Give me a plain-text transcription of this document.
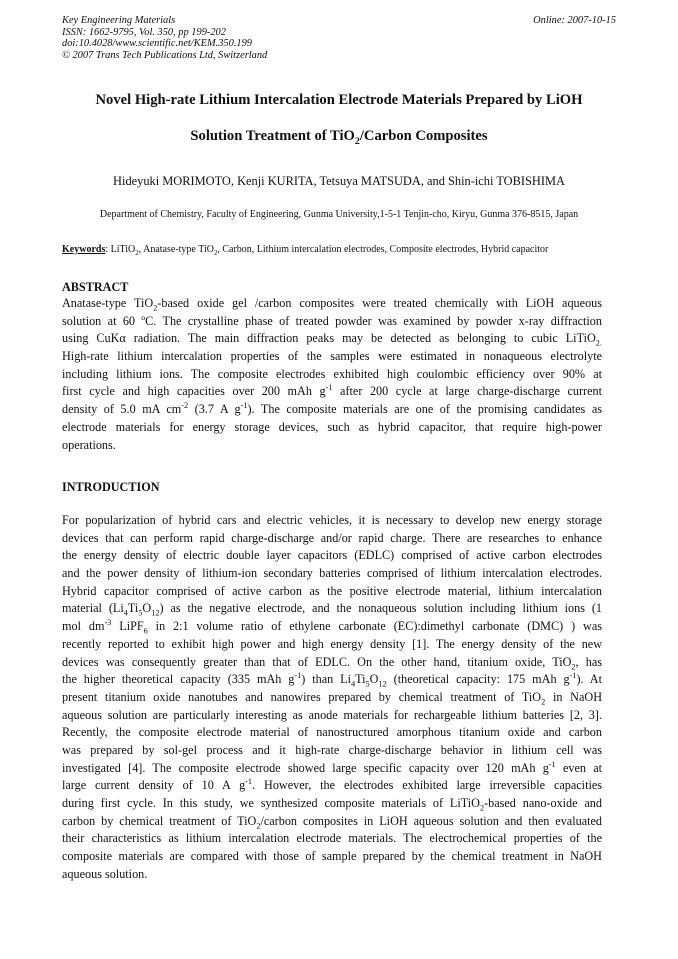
Key Engineering Materials
ISSN: 1662-9795, Vol. 350, pp 199-202
doi:10.4028/www.scientific.net/KEM.350.199
© 2007 Trans Tech Publications Ltd, Switzerland
Online: 2007-10-15
Novel High-rate Lithium Intercalation Electrode Materials Prepared by LiOH
Solution Treatment of TiO$_2$/Carbon Composites
Hideyuki MORIMOTO, Kenji KURITA, Tetsuya MATSUDA, and Shin-ichi TOBISHIMA
Department of Chemistry, Faculty of Engineering, Gunma University,1-5-1 Tenjin-cho, Kiryu, Gunma 376-8515, Japan
Keywords: LiTiO$_2$, Anatase-type TiO$_2$, Carbon, Lithium intercalation electrodes, Composite electrodes, Hybrid capacitor
ABSTRACT
Anatase-type TiO$_2$-based oxide gel /carbon composites were treated chemically with LiOH aqueous
solution at 60 ºC. The crystalline phase of treated powder was examined by powder x-ray diffraction
using CuKα radiation. The main diffraction peaks may be detected as belonging to cubic LiTiO$_{2.}$
High-rate lithium intercalation properties of the samples were estimated in nonaqueous electrolyte
including lithium ions. The composite electrodes exhibited high coulombic efficiency over 90% at
first cycle and high capacities over 200 mAh $g^{-1}$ after 200 cycle at large charge-discharge current
density of 5.0 mA $cm^{-2}$ (3.7 A $g^{-1}$). The composite materials are one of the promising candidates as
electrode materials for energy storage devices, such as hybrid capacitor, that require high-power
operations.
INTRODUCTION
For popularization of hybrid cars and electric vehicles, it is necessary to develop new energy storage
devices that can perform rapid charge-discharge and/or rapid charge. There are researches to enhance
the energy density of electric double layer capacitors (EDLC) comprised of active carbon electrodes
and the power density of lithium-ion secondary batteries comprised of lithium intercalation electrodes.
Hybrid capacitor comprised of active carbon as the positive electrode material, lithium intercalation
material $(Li_4Ti_5O_{12})$ as the negative electrode, and the nonaqueous solution including lithium ions (1
mol $dm^{-3}$ LiPF$_6$ in 2:1 volume ratio of ethylene carbonate (EC):dimethyl carbonate (DMC) ) was
recently reported to exhibit high power and high energy density [1]. The energy density of the new
devices was consequently greater than that of EDLC. On the other hand, titanium oxide, TiO$_2$, has
the higher theoretical capacity (335 mAh $g^{-1}$) than $Li_4Ti_5O_{12}$ (theoretical capacity: 175 mAh $g^{-1}$). At
present titanium oxide nanotubes and nanowires prepared by chemical treatment of TiO$_2$ in NaOH
aqueous solution are particularly interesting as anode materials for rechargeable lithium batteries [2, 3].
Recently, the composite electrode material of nanostructured amorphous titanium oxide and carbon
was prepared by sol-gel process and it high-rate charge-discharge behavior in lithium cell was
investigated [4]. The composite electrode showed large specific capacity over 120 mAh $g^{-1}$ even at
large current density of 10 A $g^{-1}$. However, the electrodes exhibited large irreversible capacities
during first cycle. In this study, we synthesized composite materials of LiTiO$_2$-based nano-oxide and
carbon by chemical treatment of TiO$_2$/carbon composites in LiOH aqueous solution and then evaluated
their characteristics as lithium intercalation electrode materials. The electrochemical properties of the
composite materials are compared with those of sample prepared by the chemical treatment in NaOH
aqueous solution.
